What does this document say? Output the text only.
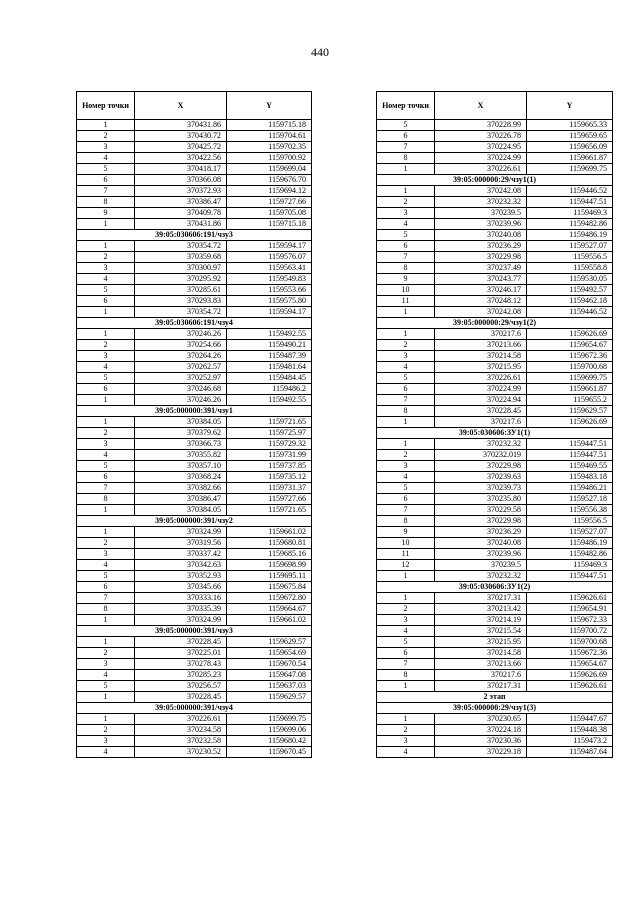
440
Номер точки	X	Y
1	370431.86	1159715.18
2	370430.72	1159704.61
3	370425.72	1159702.35
4	370422.56	1159700.92
5	370418.17	1159699.04
6	370366.08	1159676.70
7	370372.93	1159694.12
8	370386.47	1159727.66
9	370409.78	1159705.08
1	370431.86	1159715.18
39:05:030606:191/чзу3		
1	370354.72	1159594.17
2	370359.68	1159576.07
3	370300.97	1159563.41
4	370295.92	1159549.83
5	370285.61	1159553.66
6	370293.83	1159575.80
1	370354.72	1159594.17
39:05:030606:191/чзу4		
1	370246.26	1159492.55
2	370254.66	1159490.21
3	370264.26	1159487.39
4	370262.57	1159481.64
5	370252.97	1159484.45
6	370246.68	1159486.2
1	370246.26	1159492.55
39:05:000000:391/чзу1		
1	370384.05	1159721.65
2	370379.62	1159725.97
3	370366.73	1159729.32
4	370355.82	1159731.99
5	370357.10	1159737.85
6	370368.24	1159735.12
7	370382.66	1159731.37
8	370386.47	1159727.66
1	370384.05	1159721.65
39:05:000000:391/чзу2		
1	370324.99	1159661.02
2	370319.56	1159680.81
3	370337.42	1159685.16
4	370342.63	1159698.99
5	370352.93	1159695.11
6	370345.66	1159675.84
7	370333.16	1159672.80
8	370335.39	1159664.67
1	370324.99	1159661.02
39:05:000000:391/чзу3		
1	370228.45	1159629.57
2	370225.01	1159654.69
3	370278.43	1159670.54
4	370285.23	1159647.08
5	370256.57	1159637.03
1	370228.45	1159629.57
39:05:000000:391/чзу4		
1	370226.61	1159699.75
2	370234.58	1159699.06
3	370232.58	1159680.42
4	370230.52	1159670.45
Номер точки	X	Y
5	370228.99	1159665.33
6	370226.78	1159659.65
7	370224.95	1159656.09
8	370224.99	1159661.87
1	370226.61	1159699.75
39:05:000000:29/чзу1(1)		
1	370242.08	1159446.52
2	370232.32	1159447.51
3	370239.5	1159469.3
4	370239.96	1159482.86
5	370240.08	1159486.19
6	370236.29	1159527.07
7	370229.98	1159556.5
8	370237.49	1159558.8
9	370243.77	1159530.05
10	370246.17	1159492.57
11	370248.12	1159462.18
1	370242.08	1159446.52
39:05:000000:29/чзу1(2)		
1	370217.6	1159626.69
2	370213.66	1159654.67
3	370214.58	1159672.36
4	370215.95	1159700.68
5	370226.61	1159699.75
6	370224.99	1159661.87
7	370224.94	1159655.2
8	370228.45	1159629.57
1	370217.6	1159626.69
39:05:030606:ЗУ1(1)		
1	370232.32	1159447.51
2	370232.019	1159447.51
3	370229.98	1159469.55
4	370239.63	1159483.18
5	370239.73	1159486.21
6	370235.80	1159527.18
7	370229.58	1159556.38
8	370229.98	1159556.5
9	370236.29	1159527.07
10	370240.08	1159486.19
11	370239.96	1159482.86
12	370239.5	1159469.3
1	370232.32	1159447.51
39:05:030606:ЗУ1(2)		
1	370217.31	1159626.61
2	370213.42	1159654.91
3	370214.19	1159672.33
4	370215.54	1159700.72
5	370215.95	1159700.68
6	370214.58	1159672.36
7	370213.66	1159654.67
8	370217.6	1159626.69
1	370217.31	1159626.61
2 этап		
39:05:000000:29/чзу1(3)		
1	370230.65	1159447.67
2	370224.18	1159448.38
3	370230.36	1159473.2
4	370229.18	1159487.64
